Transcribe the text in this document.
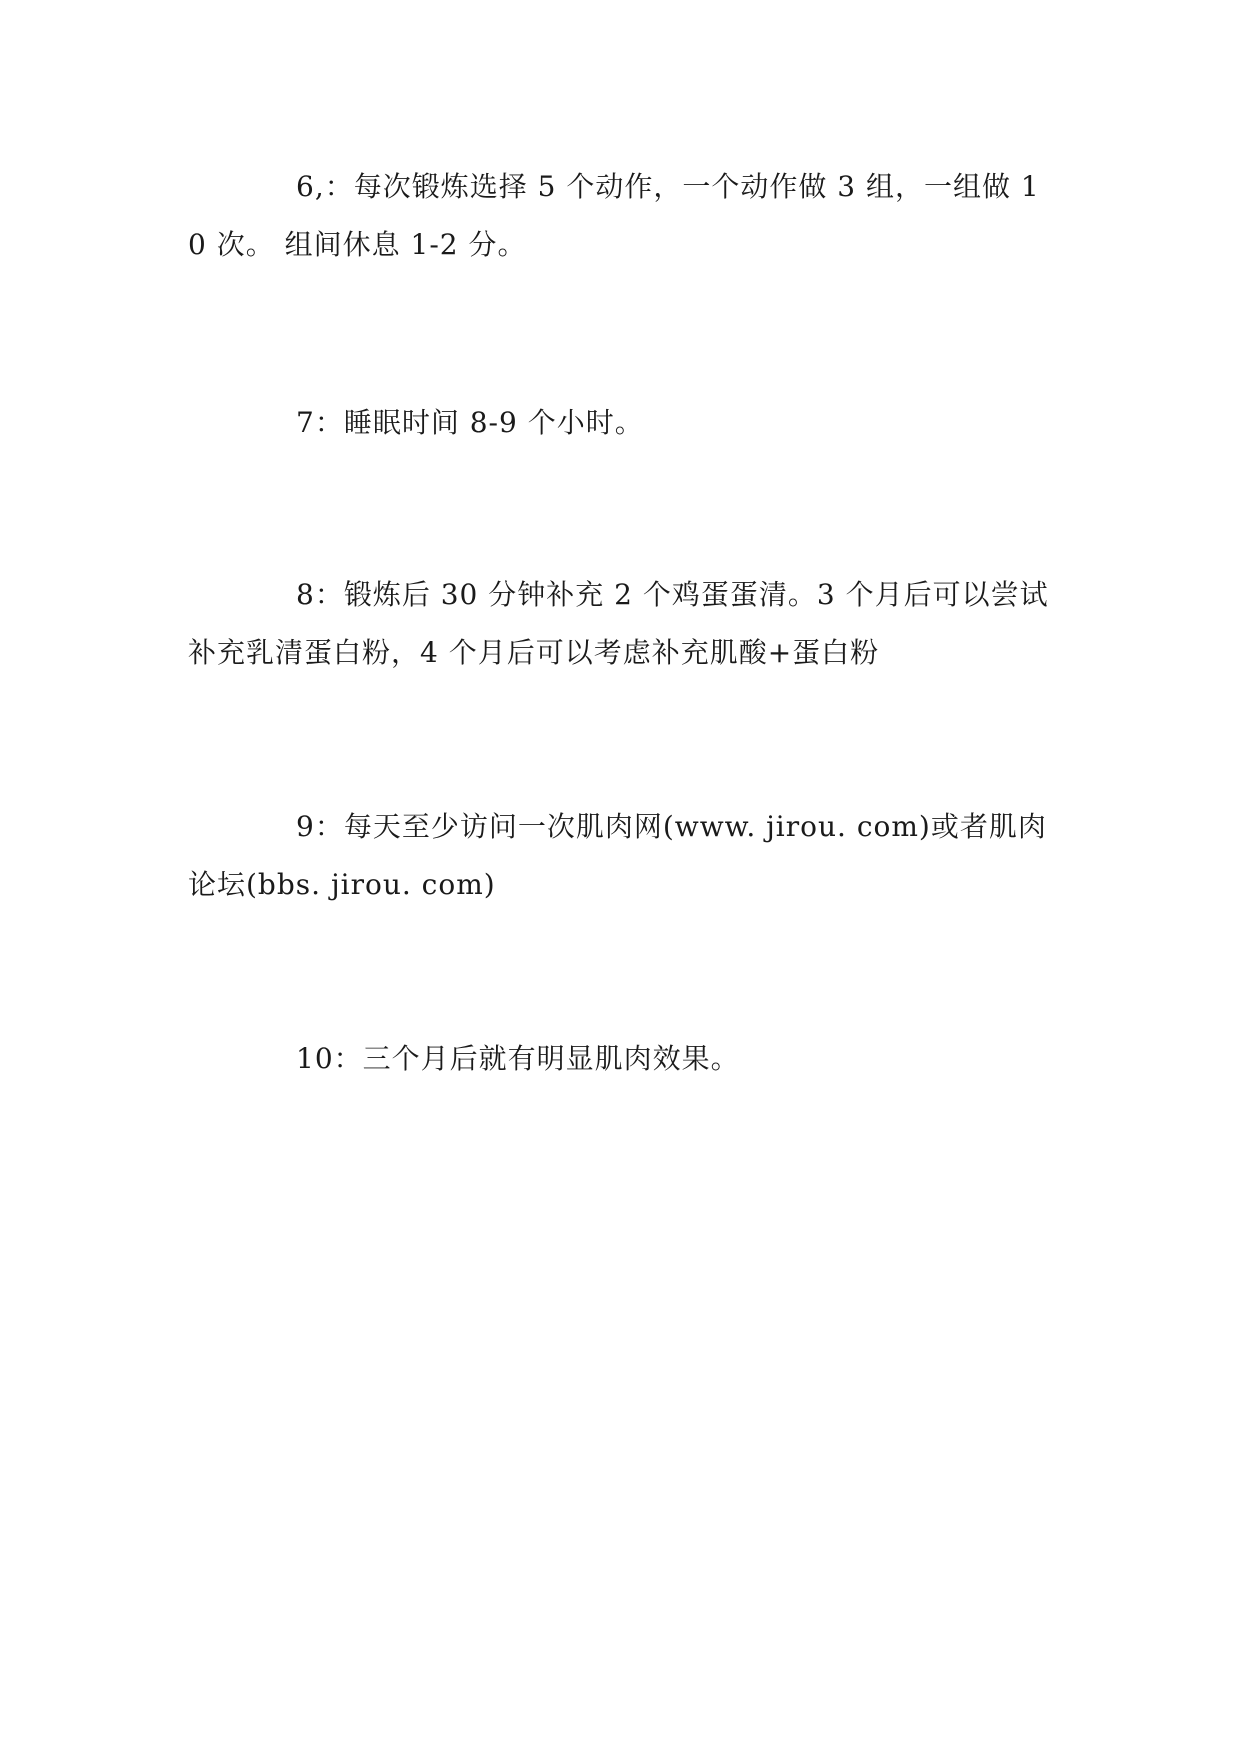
6,：每次锻炼选择 5 个动作，一个动作做 3 组，一组做 10 次。 组间休息 1-2 分。

7：睡眠时间 8-9 个小时。

8：锻炼后 30 分钟补充 2 个鸡蛋蛋清。3 个月后可以尝试补充乳清蛋白粉，4 个月后可以考虑补充肌酸+蛋白粉

9：每天至少访问一次肌肉网(www. jirou. com)或者肌肉论坛(bbs. jirou. com)

10：三个月后就有明显肌肉效果。
